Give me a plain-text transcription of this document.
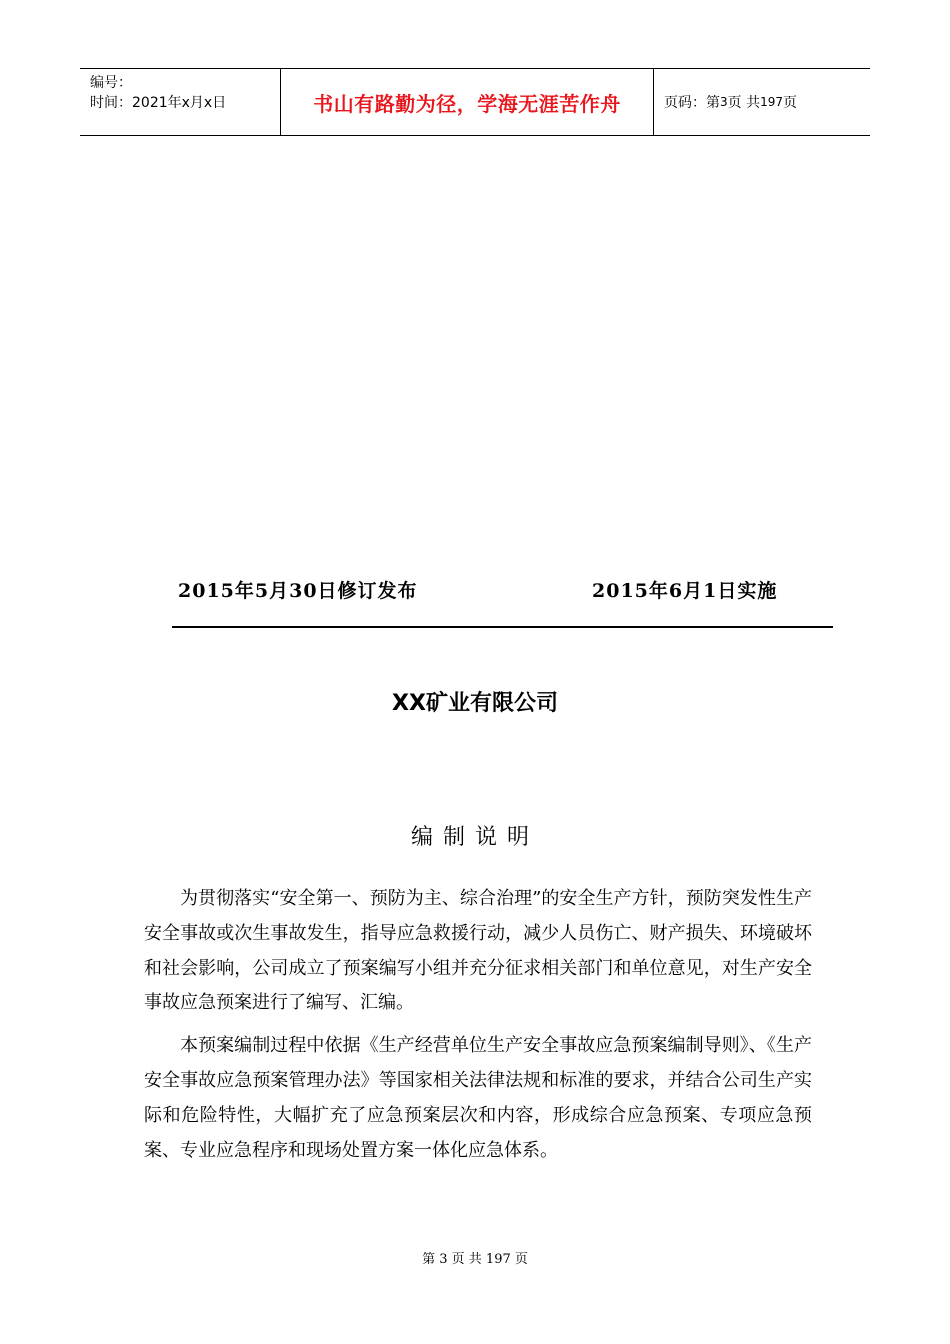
编号：
时间：2021年x月x日	书山有路勤为径，学海无涯苦作舟	页码：第 3 页 共 197 页
2015年5月30日修订发布	2015年6月1日实施
XX矿业有限公司
编制说明

为贯彻落实“安全第一、预防为主、综合治理”的安全生产方针，预防突发性生产安全事故或次生事故发生，指导应急救援行动，减少人员伤亡、财产损失、环境破坏和社会影响，公司成立了预案编写小组并充分征求相关部门和单位意见，对生产安全事故应急预案进行了编写、汇编。

本预案编制过程中依据《生产经营单位生产安全事故应急预案编制导则》、《生产安全事故应急预案管理办法》等国家相关法律法规和标准的要求，并结合公司生产实际和危险特性，大幅扩充了应急预案层次和内容，形成综合应急预案、专项应急预案、专业应急程序和现场处置方案一体化应急体系。

第 3 页 共 197 页
